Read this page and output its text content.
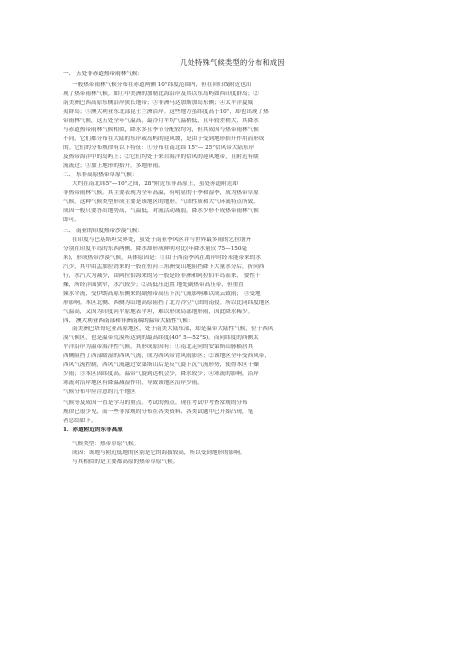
几处特殊气候类型的分布和成因
一、 五处非赤道热带雨林气候：
一般热带雨林气候分布在赤道两侧 10°纬度范围内，但在回归线附近也出
现了热带雨林气候。如①中美洲的加勒比海沿岸及其以东岛屿如西印度群岛；②
南美洲巴西高原东侧沿岸狭长地带；③非洲马达加斯加岛东侧；④太平洋夏威
夷群岛；⑤澳大利亚东北部昆士兰洲沿岸。这些地方虽纬度高于10°，却也出现了热
带雨林气候，这五处全年气温高，最冷月平均气温稍低，且年较差稍大，其降水
与赤道热带雨林气候相似，降水多且季节分配较均匀，但其成因与热带雨林气候
不同，它们都分布在大陆的东岸或岛屿的迎风坡，是由于受到地形抬升作用而形成
的。它们的分布规律有以下特征：①分布在南北纬 15°— 25°信风带大陆东岸
及热带海洋中的岛屿上；②它们均处于来自海洋的信风的迎风地带，且附近有暖
流流过；③加上地形的抬升，多地形雨。
二、 东非高原热带草原气候：
大约在南北纬5°—10°之间，28°附近东非高原上，虽处赤道附近却
非热带雨林气候。其主要表现为全年高温，有明显的干季和湿季，成为热带草原
气候。这种气候类型形成主要是该地区的地形。气团性质和大气环流特点所致。
成因一般只要答出地势高，气温低，对流活动减弱，降水少形不成热带雨林气候
即可。
三、 南亚的印度热带沙漠气候：
在印度与巴基斯坦交界处，虽处于南亚季风区并与世界最多雨的乞拉朋齐
分别在印度半岛的东西两侧，降水却形成鲜明对比(年降水量仅 75—150毫
米)，形成热带沙漠气候，具体原因是：①由于西南季风在离岸时经未能带来的水
汽少，其中由孟加拉湾来的一股在恒河三角洲受山地阻挡降下大量水分后，折向西
行，水汽大为减少，由阿拉伯海来的另一股是经非洲和阿拉伯半岛而来， 要性干
燥，所经洋面狭窄，水汽较少；②高低压迅置 地处副热带高压带，但重直
频水平流，受伊朗高原东侧来的副热带高压下沉气流影响难以成云致雨； ③受地
形影响。本区北侧、西侧为山地高原阻挡了北方冷空气团的南侵。所以比同纬度地区
气温高，又因为印度河平原地表平坦，难以形成局部地形雨，因此降水稀少。
四、 澳大利亚西南部和非洲南端的温带大陆性气候：
南美洲巴塔哥尼亚高原地区，处于南美大陆东部，却是温带大陆性气候，位于西风
漠气候区，也是温带荒漠所达到的最高纬度(40° 5—52°S)。而同纬度的西侧太
平洋沿岸为温带海洋性气候。其形成原因有：①南北走向的安第斯山脉横居其
西侧阻挡了西部暖湿的西风气流，成为西风带背风雨影区；②该地区全年受西风带，
西风气流控制，西风气流越过安第斯山后是反气旋下沉气流形势，使得本区干燥
少雨；③本区因纬度高，温带气旋到达机会少，降水较少；④寒流的影响，沿岸
寒流对沿岸地区有降温减湿作用，导致该地区沿岸少雨。
气候分布中应注意的几个地区
气候等及成因一直是学习的重点。考试的热点。现在考试中考查常规的分布
规律已很少见，而一些非常规的分布在各类资料、各类试题中已开始凸现，笔
者总结如下。
1．赤道附近的东非高原
气候类型：热带草原气候。
成因：该地与附近低地的区别是它的海拔较高，所以受到地形的影响。
与其相似的是主要都高原的热带草原气候。
